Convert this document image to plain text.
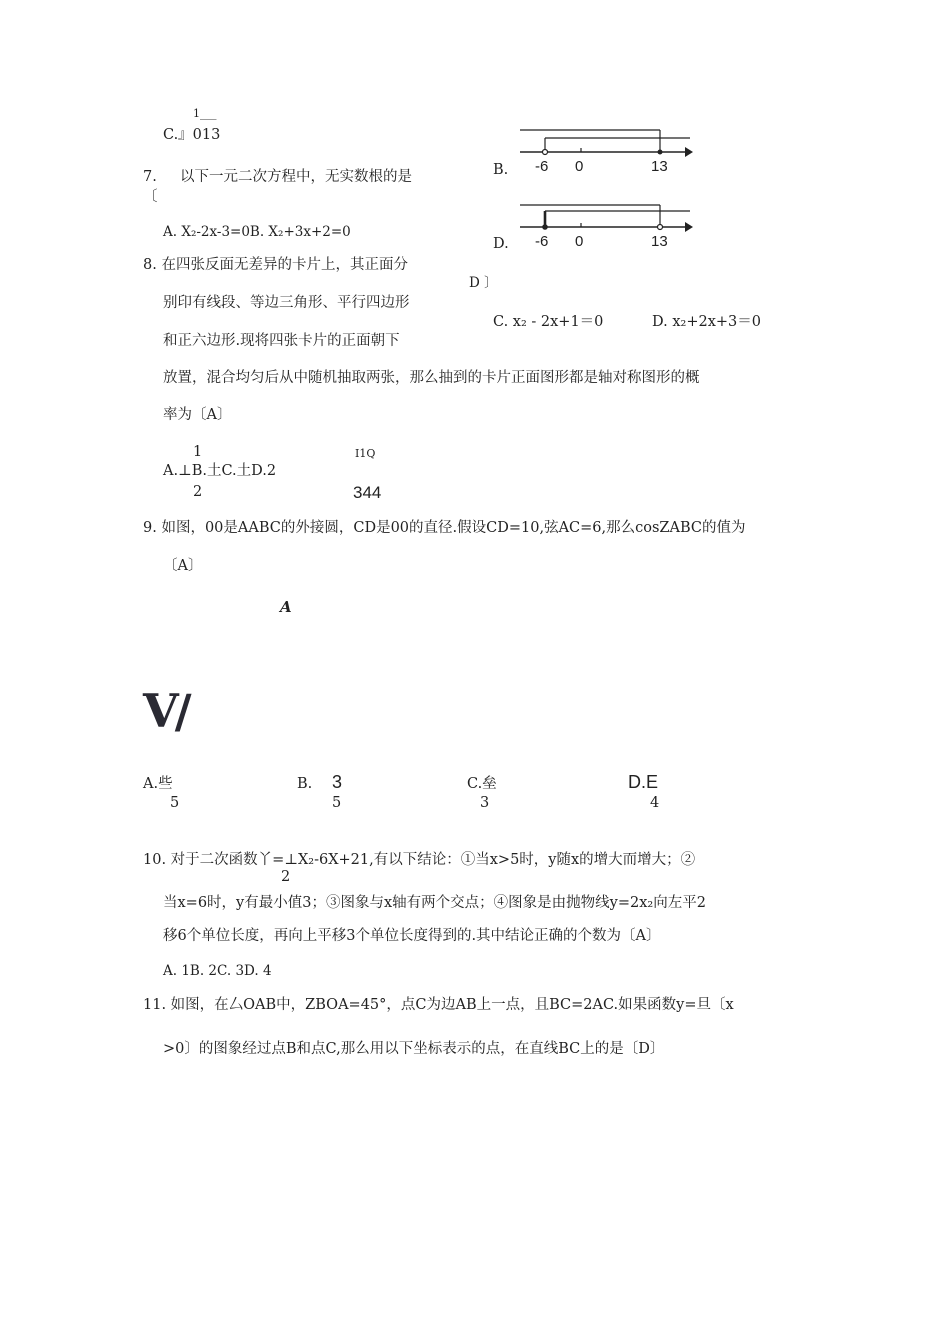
1___
C.』013
B.
D.
-6 0	13
-6 0	13
7. 以下一元二次方程中，无实数根的是
〔
A. X₂-2x-3=0B. X₂+3x+2=0
D 〕
C. x₂ - 2x+1＝0	D. x₂+2x+3＝0
8. 在四张反面无差异的卡片上，其正面分
别印有线段、等边三角形、平行四边形
和正六边形.现将四张卡片的正面朝下
放置，混合均匀后从中随机抽取两张，那么抽到的卡片正面图形都是轴对称图形的概
率为〔A〕
1	I1Q
A.⊥B.土C.土D.2
2	344
9. 如图，00是AABC的外接圆，CD是00的直径.假设CD=10,弦AC=6,那么cosZABC的值为
〔A〕
A
V/
A.些
5
B. 3
5
C.垒
3
D.E
4
10. 对于二次函数丫=⊥X₂-6X+21,有以下结论：①当x>5时，y随x的增大而增大；②
2
当x=6时，y有最小值3；③图象与x轴有两个交点；④图象是由抛物线y=2x₂向左平2
移6个单位长度，再向上平移3个单位长度得到的.其中结论正确的个数为〔A〕
A. 1B. 2C. 3D. 4
11. 如图，在厶OAB中，ZBOA=45°，点C为边AB上一点，且BC=2AC.如果函数y=旦〔x
>0〕的图象经过点B和点C,那么用以下坐标表示的点，在直线BC上的是〔D〕
